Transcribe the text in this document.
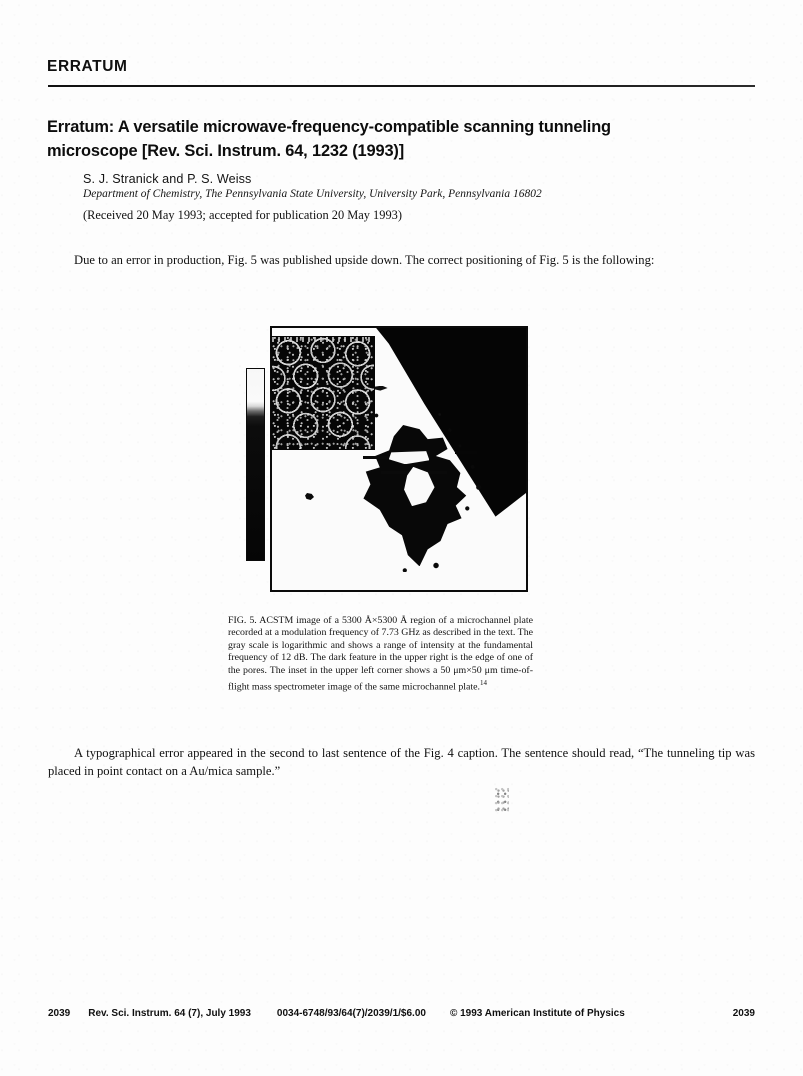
ERRATUM
Erratum: A versatile microwave-frequency-compatible scanning tunneling microscope [Rev. Sci. Instrum. 64, 1232 (1993)]
S. J. Stranick and P. S. Weiss
Department of Chemistry, The Pennsylvania State University, University Park, Pennsylvania 16802
(Received 20 May 1993; accepted for publication 20 May 1993)
Due to an error in production, Fig. 5 was published upside down. The correct positioning of Fig. 5 is the following:
FIG. 5. ACSTM image of a 5300 Å×5300 Å region of a microchannel plate recorded at a modulation frequency of 7.73 GHz as described in the text. The gray scale is logarithmic and shows a range of intensity at the fundamental frequency of 12 dB. The dark feature in the upper right is the edge of one of the pores. The inset in the upper left corner shows a 50 μm×50 μm time-of-flight mass spectrometer image of the same microchannel plate.$^{14}$
A typographical error appeared in the second to last sentence of the Fig. 4 caption. The sentence should read, “The tunneling tip was placed in point contact on a Au/mica sample.”
2039 Rev. Sci. Instrum. 64 (7), July 1993	0034-6748/93/64(7)/2039/1/$6.00 © 1993 American Institute of Physics	2039
